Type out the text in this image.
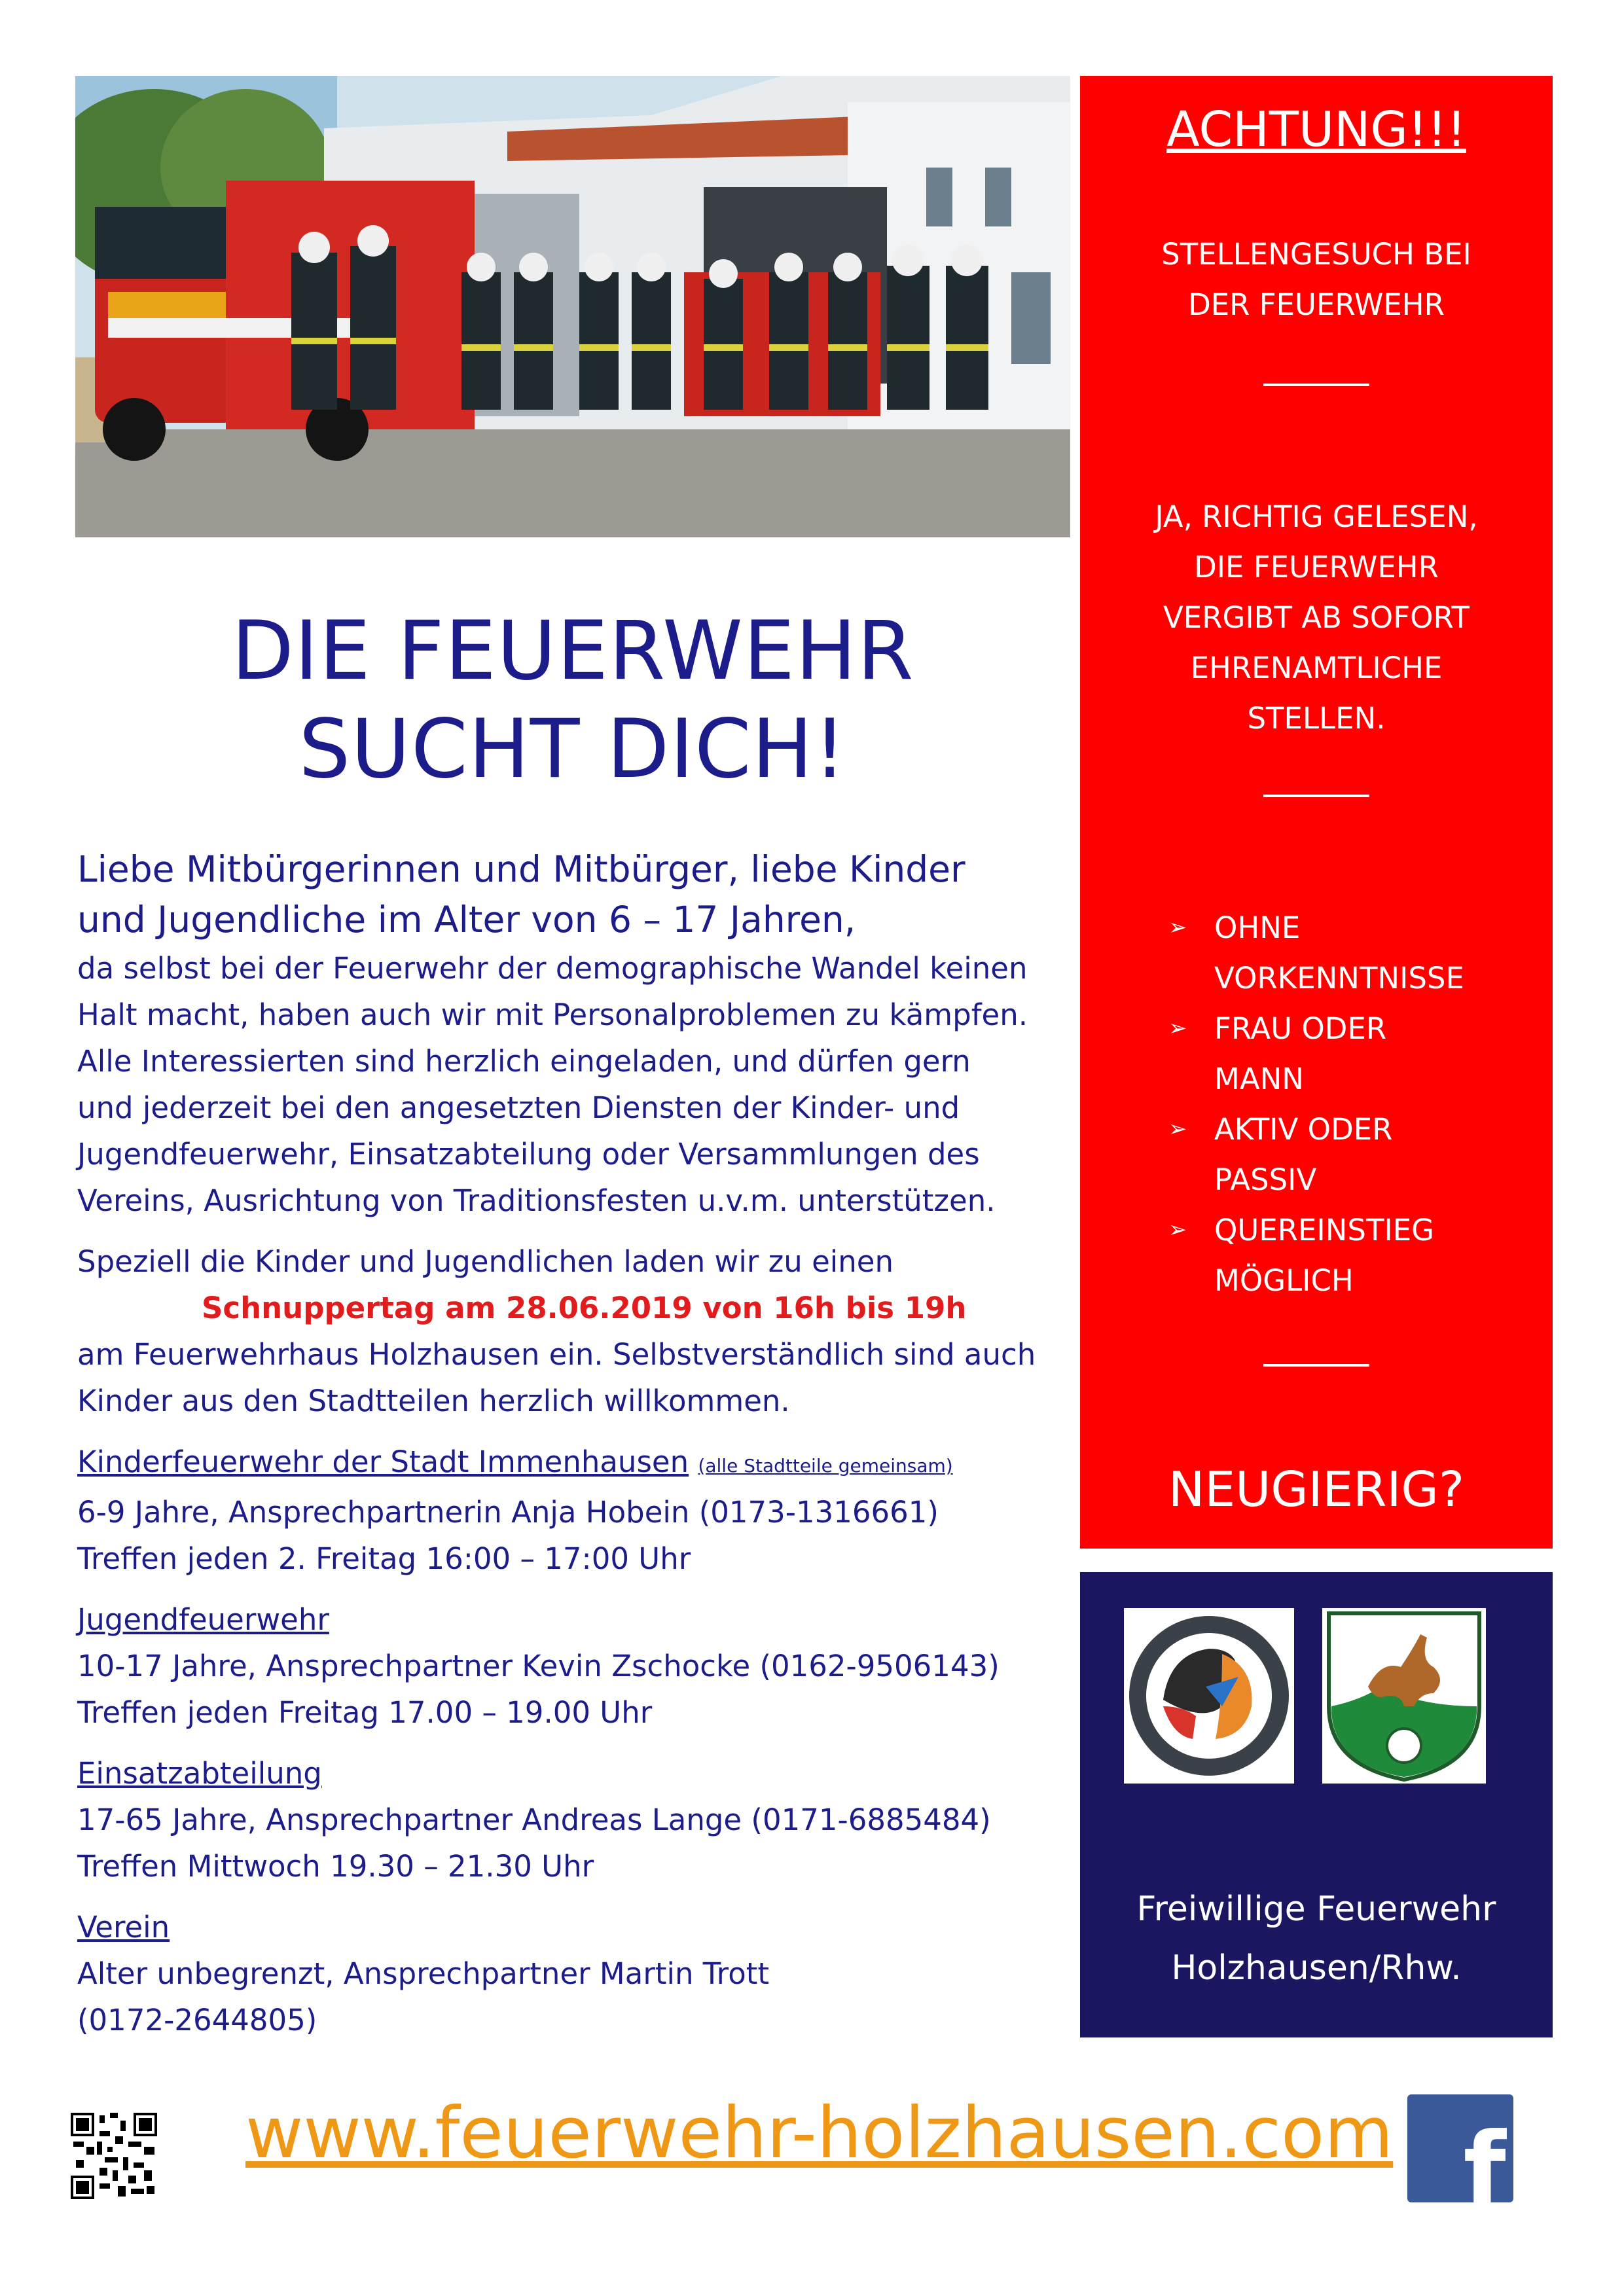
DIE FEUERWEHR
SUCHT DICH!
Liebe Mitbürgerinnen und Mitbürger, liebe Kinder
und Jugendliche im Alter von 6 – 17 Jahren,
da selbst bei der Feuerwehr der demographische Wandel keinen
Halt macht, haben auch wir mit Personalproblemen zu kämpfen.
Alle Interessierten sind herzlich eingeladen, und dürfen gern
und jederzeit bei den angesetzten Diensten der Kinder- und
Jugendfeuerwehr, Einsatzabteilung oder Versammlungen des
Vereins, Ausrichtung von Traditionsfesten u.v.m. unterstützen.
Speziell die Kinder und Jugendlichen laden wir zu einen
Schnuppertag am 28.06.2019 von 16h bis 19h
am Feuerwehrhaus Holzhausen ein. Selbstverständlich sind auch
Kinder aus den Stadtteilen herzlich willkommen.
Kinderfeuerwehr der Stadt Immenhausen (alle Stadtteile gemeinsam)
6-9 Jahre, Ansprechpartnerin Anja Hobein (0173-1316661)
Treffen jeden 2. Freitag 16:00 – 17:00 Uhr
Jugendfeuerwehr
10-17 Jahre, Ansprechpartner Kevin Zschocke (0162-9506143)
Treffen jeden Freitag 17.00 – 19.00 Uhr
Einsatzabteilung
17-65 Jahre, Ansprechpartner Andreas Lange (0171-6885484)
Treffen Mittwoch 19.30 – 21.30 Uhr
Verein
Alter unbegrenzt, Ansprechpartner Martin Trott
(0172-2644805)
ACHTUNG!!!
STELLENGESUCH BEI
DER FEUERWEHR
JA, RICHTIG GELESEN,
DIE FEUERWEHR
VERGIBT AB SOFORT
EHRENAMTLICHE
STELLEN.
➢ OHNE
VORKENNTNISSE
➢ FRAU ODER
MANN
➢ AKTIV ODER
PASSIV
➢ QUEREINSTIEG
MÖGLICH
NEUGIERIG?
Freiwillige Feuerwehr
Holzhausen/Rhw.
www.feuerwehr-holzhausen.com f
